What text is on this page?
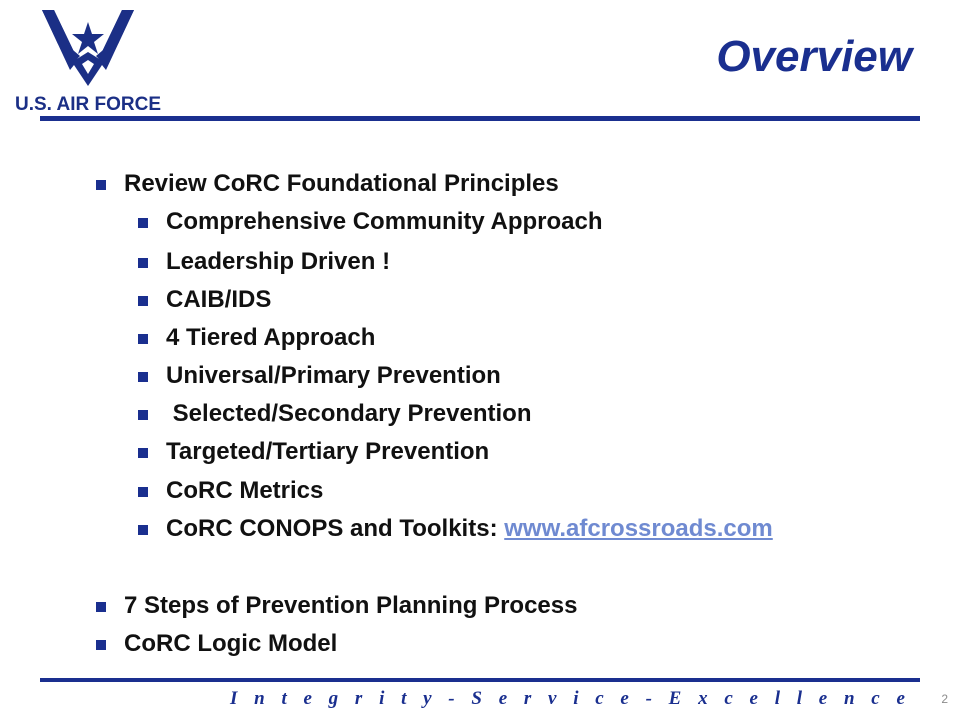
U.S. AIR FORCE
Overview
Review CoRC Foundational Principles
Comprehensive Community Approach
Leadership Driven !
CAIB/IDS
4 Tiered Approach
Universal/Primary Prevention
Selected/Secondary Prevention
Targeted/Tertiary Prevention
CoRC Metrics
CoRC CONOPS and Toolkits: www.afcrossroads.com
7 Steps of Prevention Planning Process
CoRC Logic Model
I n t e g r i t y - S e r v i c e - E x c e l l e n c e	2
